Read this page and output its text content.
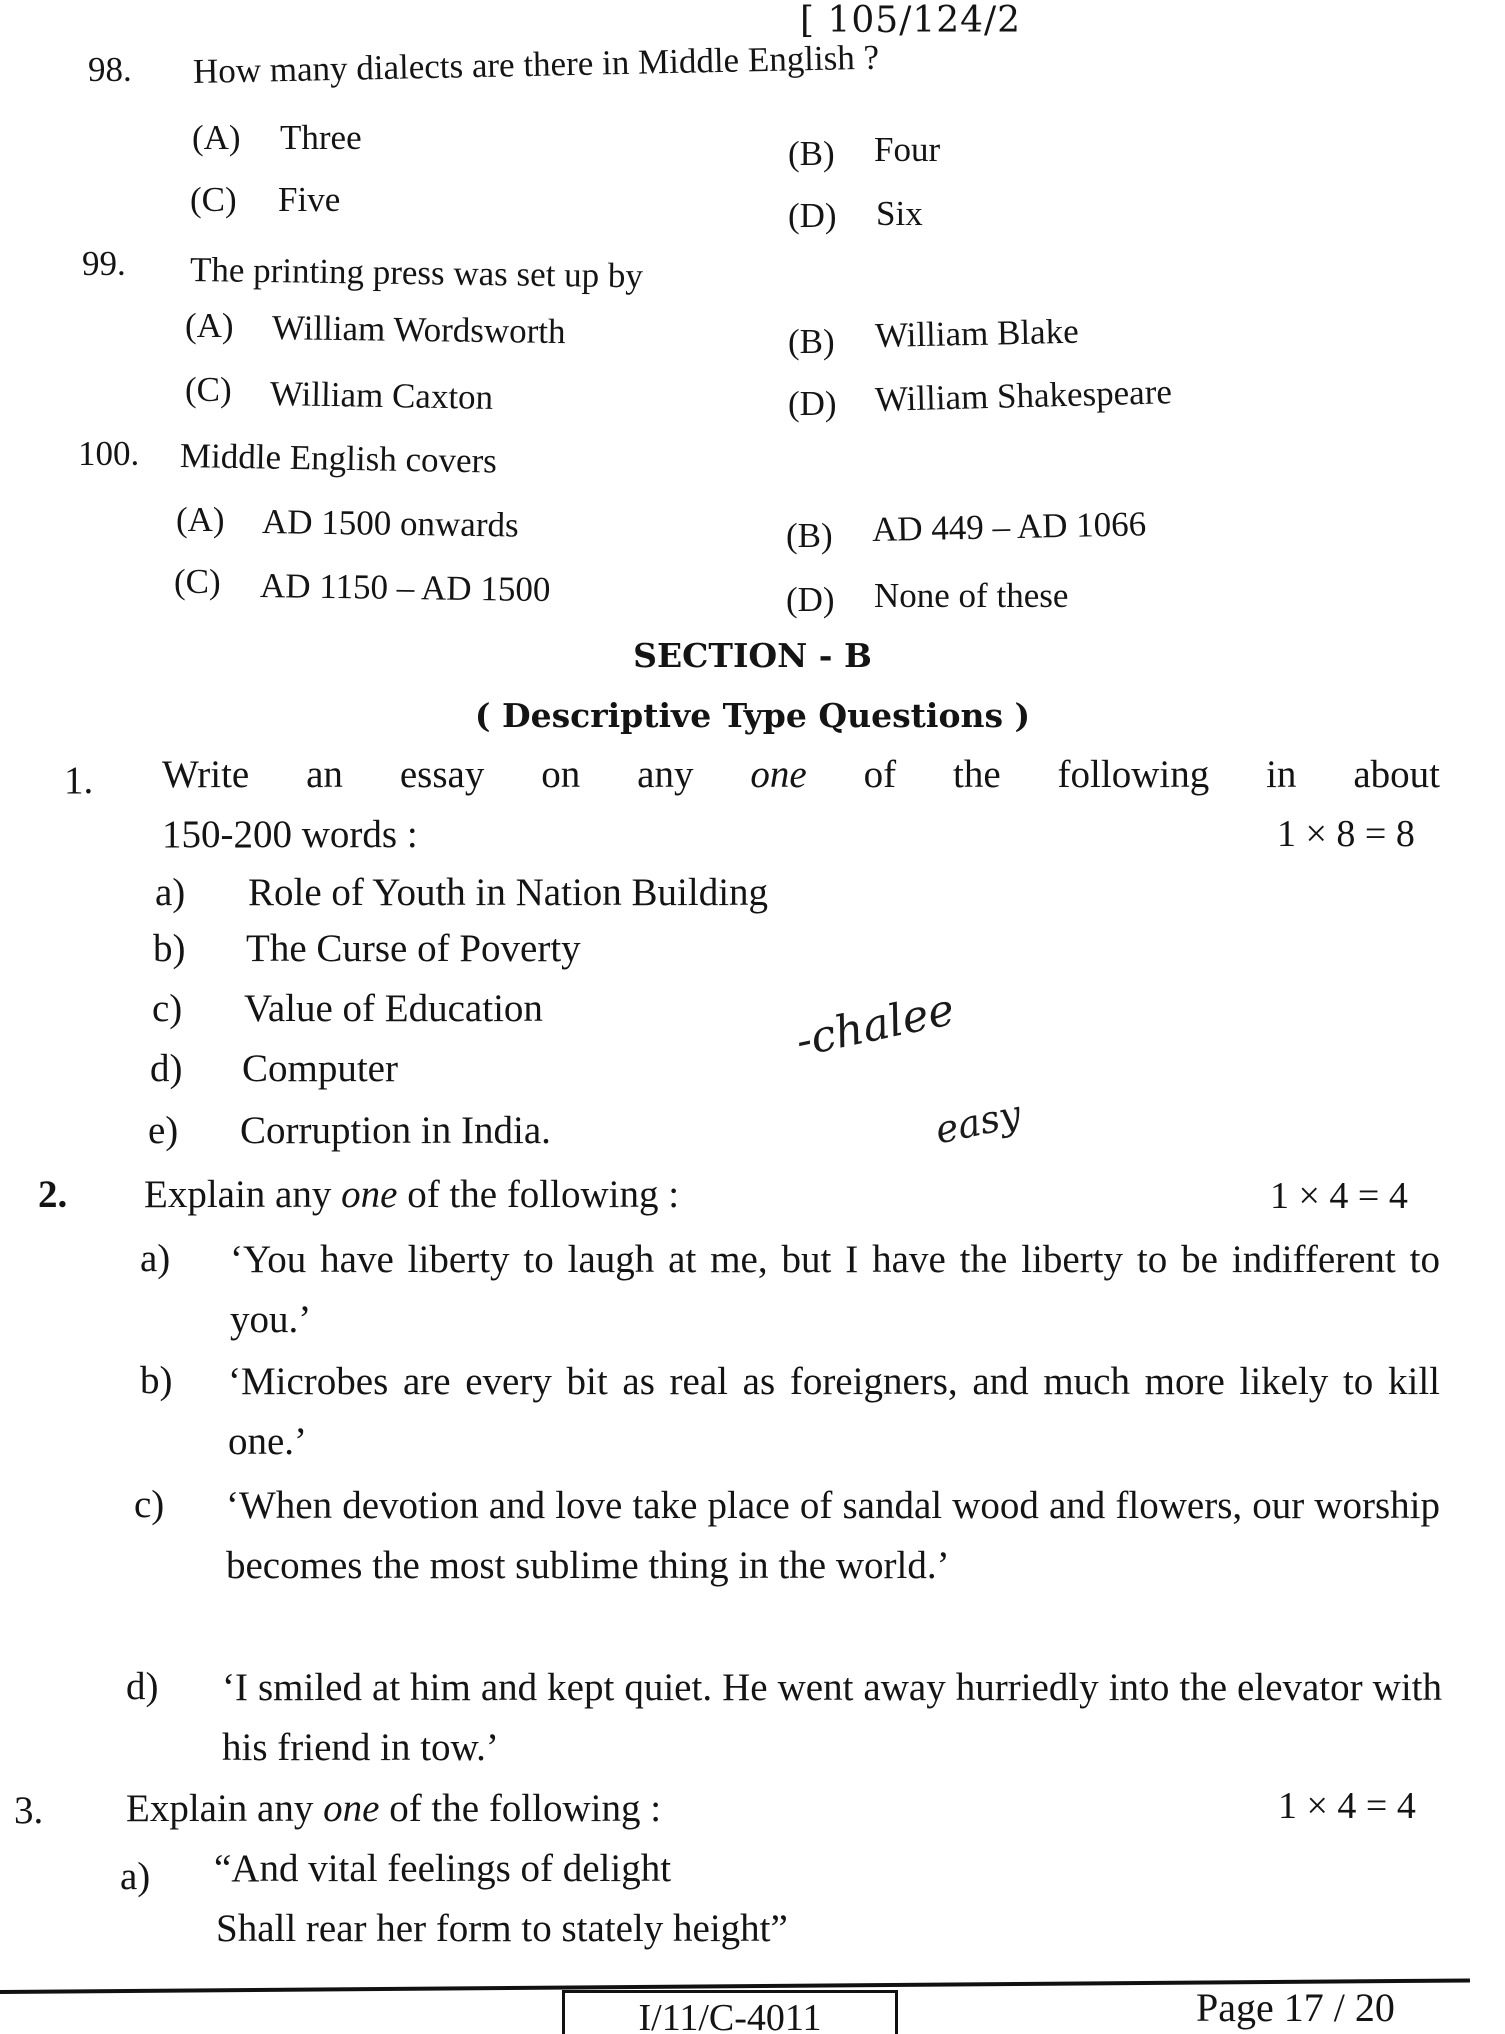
[ 105/124/2
98. How many dialects are there in Middle English ?
(A) Three	(B) Four
(C) Five	(D) Six
99. The printing press was set up by
(A) William Wordsworth	(B) William Blake
(C) William Caxton	(D) William Shakespeare
100. Middle English covers
(A) AD 1500 onwards	(B) AD 449 – AD 1066
(C) AD 1150 – AD 1500	(D) None of these
SECTION - B
( Descriptive Type Questions )
1. Write an essay on any one of the following in about
150-200 words :	1 × 8 = 8
a) Role of Youth in Nation Building
b) The Curse of Poverty
c) Value of Education
d) Computer
e) Corruption in India.
-chalee
easy
2. Explain any one of the following :	1 × 4 = 4
a) ‘You have liberty to laugh at me, but I have the liberty to be indifferent to you.’
b) ‘Microbes are every bit as real as foreigners, and much more likely to kill one.’
c) ‘When devotion and love take place of sandal wood and flowers, our worship becomes the most sublime thing in the world.’
d) ‘I smiled at him and kept quiet. He went away hurriedly into the elevator with his friend in tow.’
3. Explain any one of the following :	1 × 4 = 4
a) “And vital feelings of delight
Shall rear her form to stately height”
I/11/C-4011	Page 17 / 20
